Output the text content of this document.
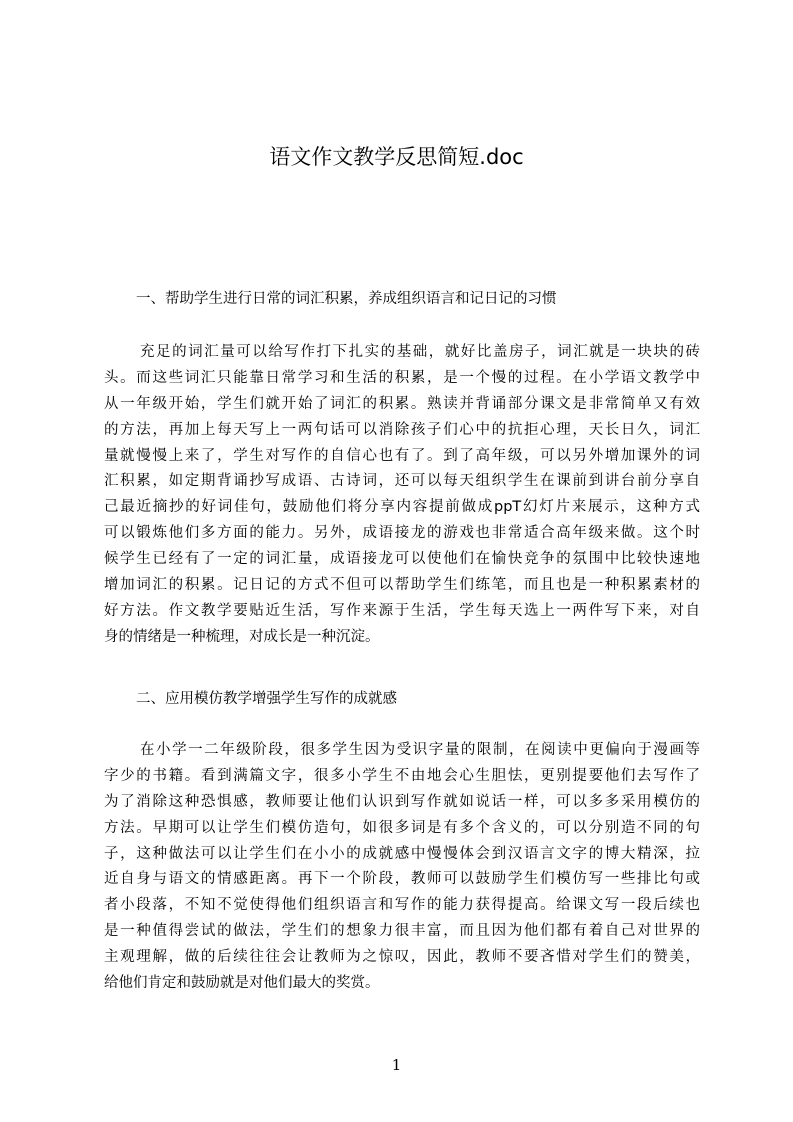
语文作文教学反思简短.doc
一、帮助学生进行日常的词汇积累，养成组织语言和记日记的习惯
充足的词汇量可以给写作打下扎实的基础，就好比盖房子，词汇就是一块块的砖
头。而这些词汇只能靠日常学习和生活的积累，是一个慢的过程。在小学语文教学中
从一年级开始，学生们就开始了词汇的积累。熟读并背诵部分课文是非常简单又有效
的方法，再加上每天写上一两句话可以消除孩子们心中的抗拒心理，天长日久，词汇
量就慢慢上来了，学生对写作的自信心也有了。到了高年级，可以另外增加课外的词
汇积累，如定期背诵抄写成语、古诗词，还可以每天组织学生在课前到讲台前分享自
己最近摘抄的好词佳句，鼓励他们将分享内容提前做成ppT幻灯片来展示，这种方式
可以锻炼他们多方面的能力。另外，成语接龙的游戏也非常适合高年级来做。这个时
候学生已经有了一定的词汇量，成语接龙可以使他们在愉快竞争的氛围中比较快速地
增加词汇的积累。记日记的方式不但可以帮助学生们练笔，而且也是一种积累素材的
好方法。作文教学要贴近生活，写作来源于生活，学生每天选上一两件写下来，对自
身的情绪是一种梳理，对成长是一种沉淀。
二、应用模仿教学增强学生写作的成就感
在小学一二年级阶段，很多学生因为受识字量的限制，在阅读中更偏向于漫画等
字少的书籍。看到满篇文字，很多小学生不由地会心生胆怯，更别提要他们去写作了
为了消除这种恐惧感，教师要让他们认识到写作就如说话一样，可以多多采用模仿的
方法。早期可以让学生们模仿造句，如很多词是有多个含义的，可以分别造不同的句
子，这种做法可以让学生们在小小的成就感中慢慢体会到汉语言文字的博大精深，拉
近自身与语文的情感距离。再下一个阶段，教师可以鼓励学生们模仿写一些排比句或
者小段落，不知不觉使得他们组织语言和写作的能力获得提高。给课文写一段后续也
是一种值得尝试的做法，学生们的想象力很丰富，而且因为他们都有着自己对世界的
主观理解，做的后续往往会让教师为之惊叹，因此，教师不要吝惜对学生们的赞美，
给他们肯定和鼓励就是对他们最大的奖赏。
1
